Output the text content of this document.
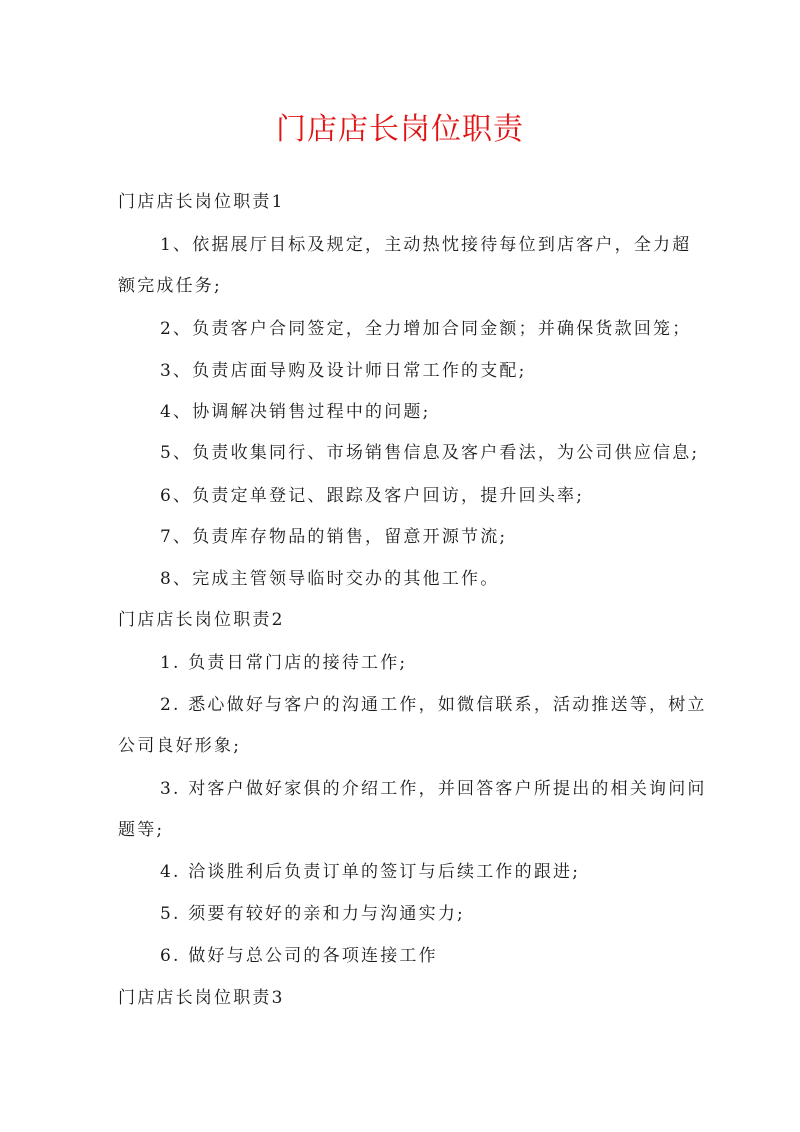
门店店长岗位职责
门店店长岗位职责1
1、依据展厅目标及规定，主动热忱接待每位到店客户，全力超
额完成任务;
2、负责客户合同签定，全力增加合同金额；并确保货款回笼；
3、负责店面导购及设计师日常工作的支配;
4、协调解决销售过程中的问题;
5、负责收集同行、市场销售信息及客户看法，为公司供应信息;
6、负责定单登记、跟踪及客户回访，提升回头率;
7、负责库存物品的销售，留意开源节流;
8、完成主管领导临时交办的其他工作。
门店店长岗位职责2
1. 负责日常门店的接待工作;
2. 悉心做好与客户的沟通工作，如微信联系，活动推送等，树立
公司良好形象;
3. 对客户做好家俱的介绍工作，并回答客户所提出的相关询问问
题等;
4. 洽谈胜利后负责订单的签订与后续工作的跟进;
5. 须要有较好的亲和力与沟通实力;
6. 做好与总公司的各项连接工作
门店店长岗位职责3
